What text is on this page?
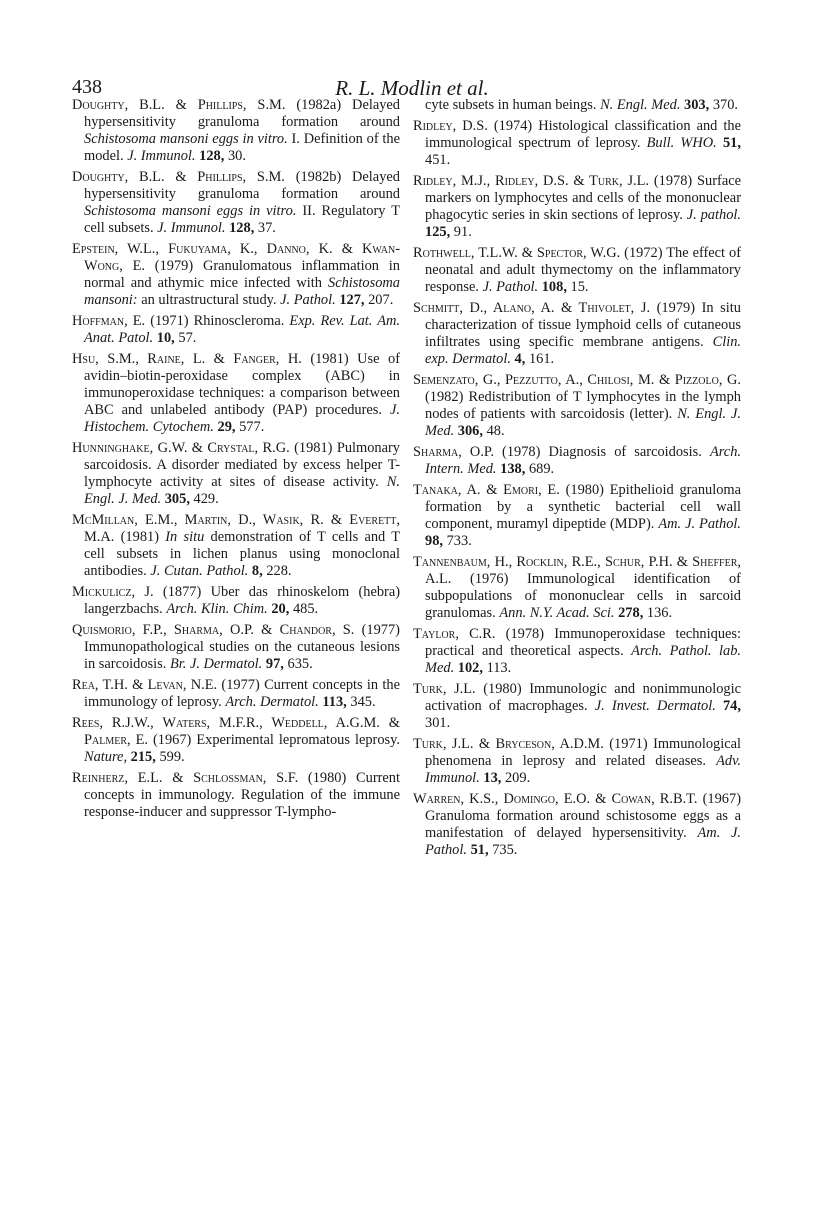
438	R. L. Modlin et al.

Doughty, B.L. & Phillips, S.M. (1982a) Delayed hypersensitivity granuloma formation around Schistosoma mansoni eggs in vitro. I. Definition of the model. J. Immunol. 128, 30.

Doughty, B.L. & Phillips, S.M. (1982b) Delayed hypersensitivity granuloma formation around Schistosoma mansoni eggs in vitro. II. Regulatory T cell subsets. J. Immunol. 128, 37.

Epstein, W.L., Fukuyama, K., Danno, K. & Kwan-Wong, E. (1979) Granulomatous inflammation in normal and athymic mice infected with Schistosoma mansoni: an ultrastructural study. J. Pathol. 127, 207.

Hoffman, E. (1971) Rhinoscleroma. Exp. Rev. Lat. Am. Anat. Patol. 10, 57.

Hsu, S.M., Raine, L. & Fanger, H. (1981) Use of avidin–biotin-peroxidase complex (ABC) in immunoperoxidase techniques: a comparison between ABC and unlabeled antibody (PAP) procedures. J. Histochem. Cytochem. 29, 577.

Hunninghake, G.W. & Crystal, R.G. (1981) Pulmonary sarcoidosis. A disorder mediated by excess helper T-lymphocyte activity at sites of disease activity. N. Engl. J. Med. 305, 429.

McMillan, E.M., Martin, D., Wasik, R. & Everett, M.A. (1981) In situ demonstration of T cells and T cell subsets in lichen planus using monoclonal antibodies. J. Cutan. Pathol. 8, 228.

Mickulicz, J. (1877) Uber das rhinoskelom (hebra) langerzbachs. Arch. Klin. Chim. 20, 485.

Quismorio, F.P., Sharma, O.P. & Chandor, S. (1977) Immunopathological studies on the cutaneous lesions in sarcoidosis. Br. J. Dermatol. 97, 635.

Rea, T.H. & Levan, N.E. (1977) Current concepts in the immunology of leprosy. Arch. Dermatol. 113, 345.

Rees, R.J.W., Waters, M.F.R., Weddell, A.G.M. & Palmer, E. (1967) Experimental lepromatous leprosy. Nature, 215, 599.

Reinherz, E.L. & Schlossman, S.F. (1980) Current concepts in immunology. Regulation of the immune response-inducer and suppressor T-lympho-

cyte subsets in human beings. N. Engl. Med. 303, 370.

Ridley, D.S. (1974) Histological classification and the immunological spectrum of leprosy. Bull. WHO. 51, 451.

Ridley, M.J., Ridley, D.S. & Turk, J.L. (1978) Surface markers on lymphocytes and cells of the mononuclear phagocytic series in skin sections of leprosy. J. pathol. 125, 91.

Rothwell, T.L.W. & Spector, W.G. (1972) The effect of neonatal and adult thymectomy on the inflammatory response. J. Pathol. 108, 15.

Schmitt, D., Alano, A. & Thivolet, J. (1979) In situ characterization of tissue lymphoid cells of cutaneous infiltrates using specific membrane antigens. Clin. exp. Dermatol. 4, 161.

Semenzato, G., Pezzutto, A., Chilosi, M. & Pizzolo, G. (1982) Redistribution of T lymphocytes in the lymph nodes of patients with sarcoidosis (letter). N. Engl. J. Med. 306, 48.

Sharma, O.P. (1978) Diagnosis of sarcoidosis. Arch. Intern. Med. 138, 689.

Tanaka, A. & Emori, E. (1980) Epithelioid granuloma formation by a synthetic bacterial cell wall component, muramyl dipeptide (MDP). Am. J. Pathol. 98, 733.

Tannenbaum, H., Rocklin, R.E., Schur, P.H. & Sheffer, A.L. (1976) Immunological identification of subpopulations of mononuclear cells in sarcoid granulomas. Ann. N.Y. Acad. Sci. 278, 136.

Taylor, C.R. (1978) Immunoperoxidase techniques: practical and theoretical aspects. Arch. Pathol. lab. Med. 102, 113.

Turk, J.L. (1980) Immunologic and nonimmunologic activation of macrophages. J. Invest. Dermatol. 74, 301.

Turk, J.L. & Bryceson, A.D.M. (1971) Immunological phenomena in leprosy and related diseases. Adv. Immunol. 13, 209.

Warren, K.S., Domingo, E.O. & Cowan, R.B.T. (1967) Granuloma formation around schistosome eggs as a manifestation of delayed hypersensitivity. Am. J. Pathol. 51, 735.
